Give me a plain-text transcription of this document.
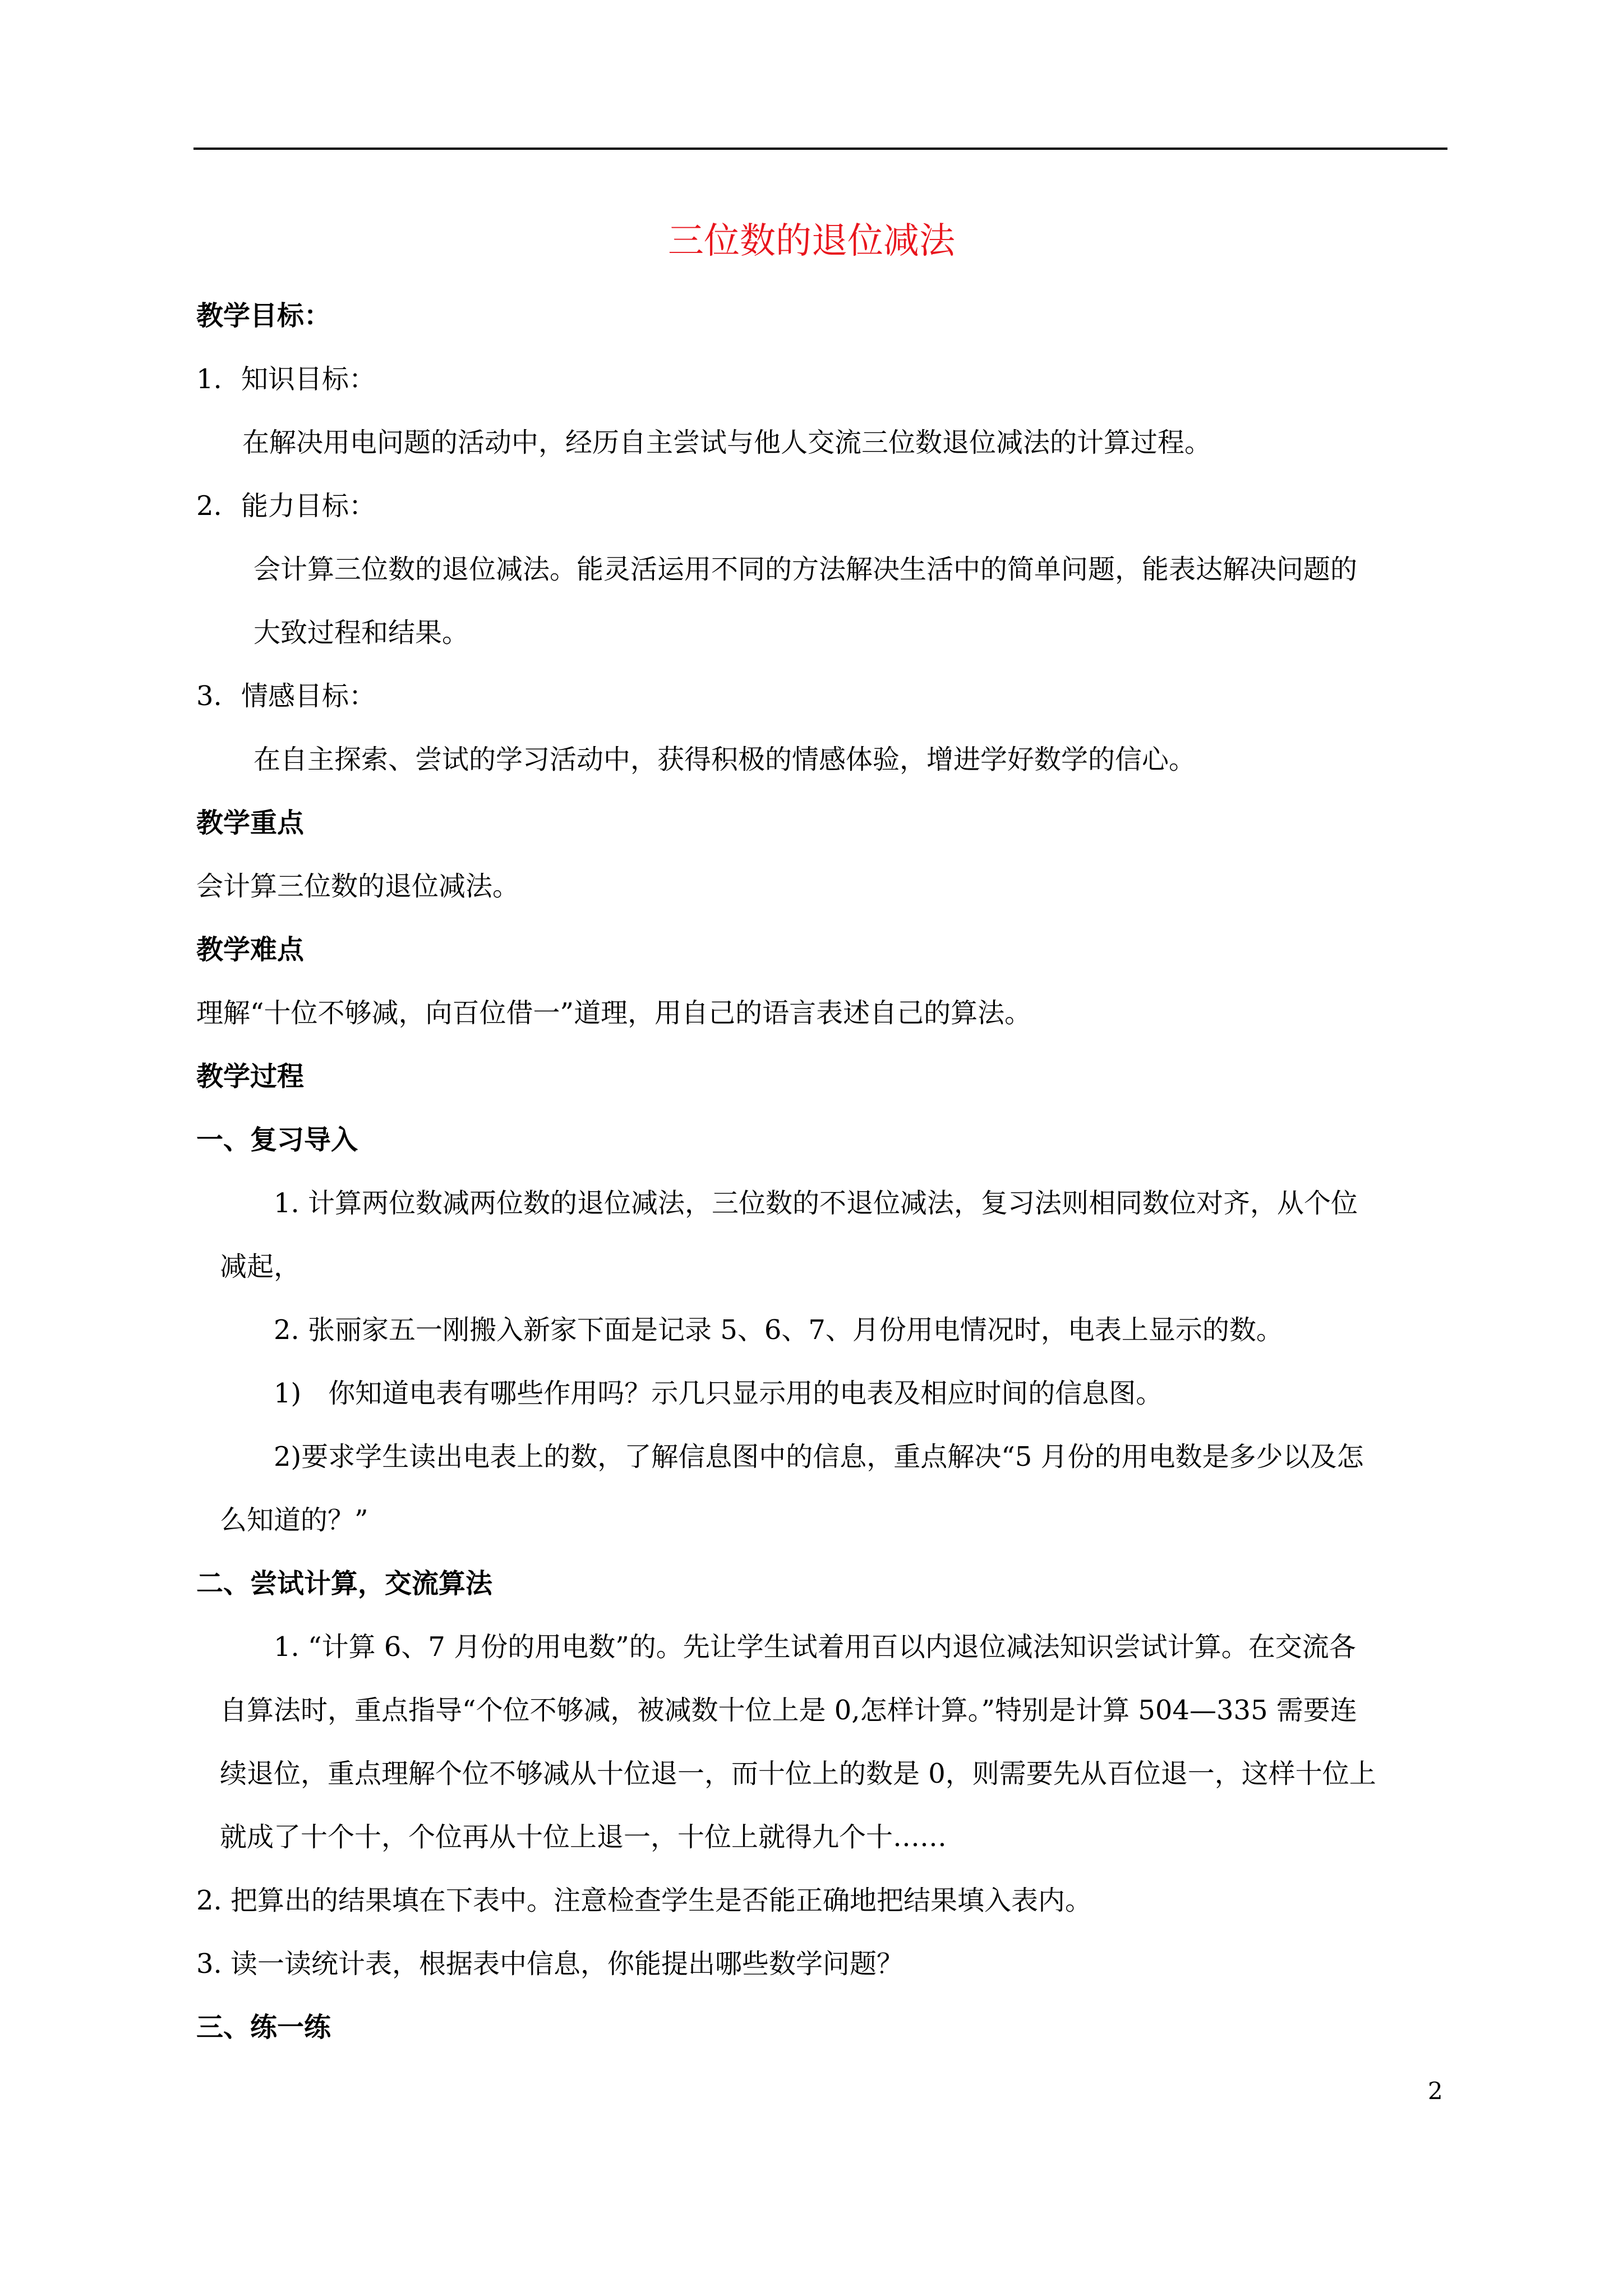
三位数的退位减法
教学目标：
1. 知识目标：
在解决用电问题的活动中，经历自主尝试与他人交流三位数退位减法的计算过程。
2. 能力目标：
会计算三位数的退位减法。能灵活运用不同的方法解决生活中的简单问题，能表达解决问题的
大致过程和结果。
3. 情感目标：
在自主探索、尝试的学习活动中，获得积极的情感体验，增进学好数学的信心。
教学重点
会计算三位数的退位减法。
教学难点
理解“十位不够减，向百位借一”道理，用自己的语言表述自己的算法。
教学过程
一、复习导入
1. 计算两位数减两位数的退位减法，三位数的不退位减法，复习法则相同数位对齐，从个位
减起，
2. 张丽家五一刚搬入新家下面是记录 5、6、7、月份用电情况时，电表上显示的数。
1)　你知道电表有哪些作用吗？示几只显示用的电表及相应时间的信息图。
2)要求学生读出电表上的数，了解信息图中的信息，重点解决“5 月份的用电数是多少以及怎
么知道的？”
二、尝试计算，交流算法
1. “计算 6、7 月份的用电数”的。先让学生试着用百以内退位减法知识尝试计算。在交流各
自算法时，重点指导“个位不够减，被减数十位上是 0,怎样计算。”特别是计算 504—335 需要连
续退位，重点理解个位不够减从十位退一，而十位上的数是 0，则需要先从百位退一，这样十位上
就成了十个十，个位再从十位上退一，十位上就得九个十……
2. 把算出的结果填在下表中。注意检查学生是否能正确地把结果填入表内。
3. 读一读统计表，根据表中信息，你能提出哪些数学问题？
三、练一练
2
